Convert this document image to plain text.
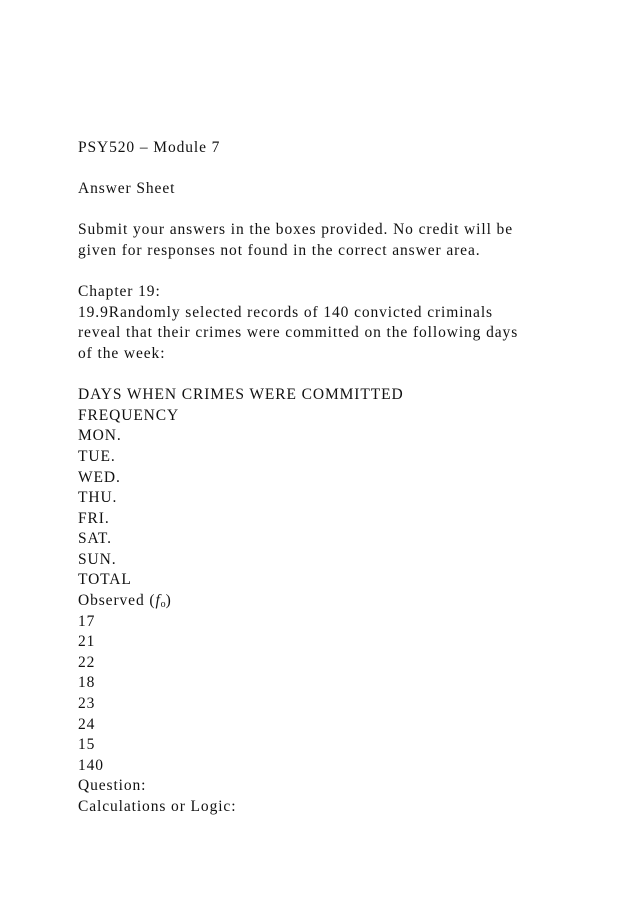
PSY520 – Module 7
Answer Sheet
Submit your answers in the boxes provided. No credit will be
given for responses not found in the correct answer area.
Chapter 19:
19.9Randomly selected records of 140 convicted criminals
reveal that their crimes were committed on the following days
of the week:
DAYS WHEN CRIMES WERE COMMITTED
FREQUENCY
MON.
TUE.
WED.
THU.
FRI.
SAT.
SUN.
TOTAL
Observed $(f_o)$
17
21
22
18
23
24
15
140
Question:
Calculations or Logic:
